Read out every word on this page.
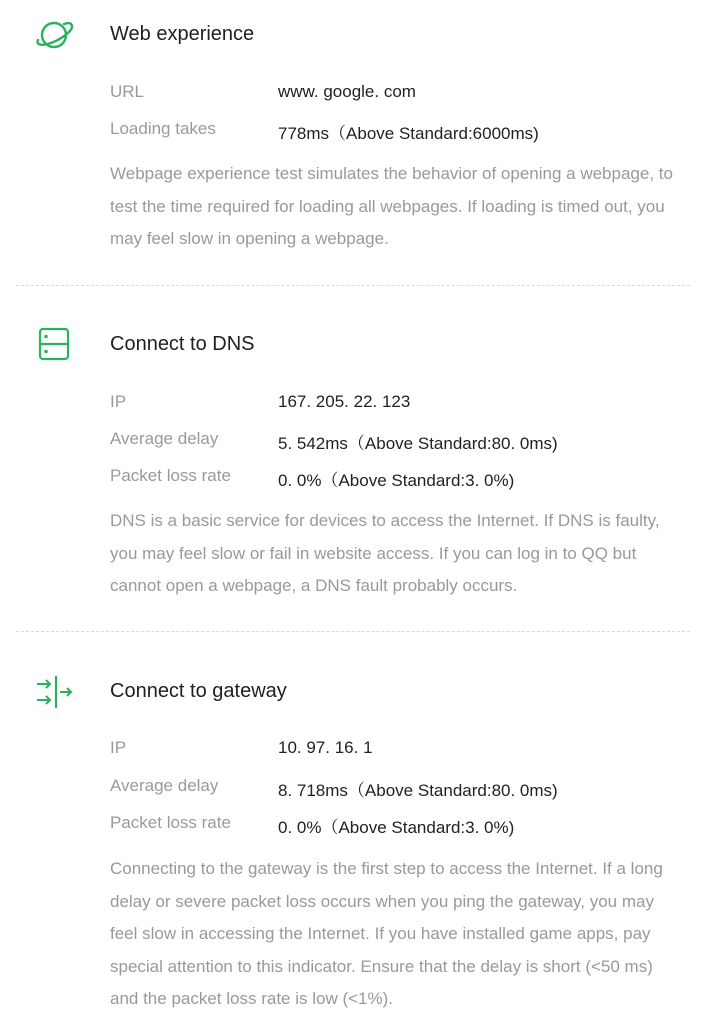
Web experience
URL	www. google. com
Loading takes	778ms（Above Standard:6000ms)
Webpage experience test simulates the behavior of opening a webpage, to test the time required for loading all webpages. If loading is timed out, you may feel slow in opening a webpage.
Connect to DNS
IP	167. 205. 22. 123
Average delay	5. 542ms（Above Standard:80. 0ms)
Packet loss rate	0. 0%（Above Standard:3. 0%)
DNS is a basic service for devices to access the Internet. If DNS is faulty, you may feel slow or fail in website access. If you can log in to QQ but cannot open a webpage, a DNS fault probably occurs.
Connect to gateway
IP	10. 97. 16. 1
Average delay	8. 718ms（Above Standard:80. 0ms)
Packet loss rate	0. 0%（Above Standard:3. 0%)
Connecting to the gateway is the first step to access the Internet. If a long delay or severe packet loss occurs when you ping the gateway, you may feel slow in accessing the Internet. If you have installed game apps, pay special attention to this indicator. Ensure that the delay is short (<50 ms) and the packet loss rate is low (<1%).
